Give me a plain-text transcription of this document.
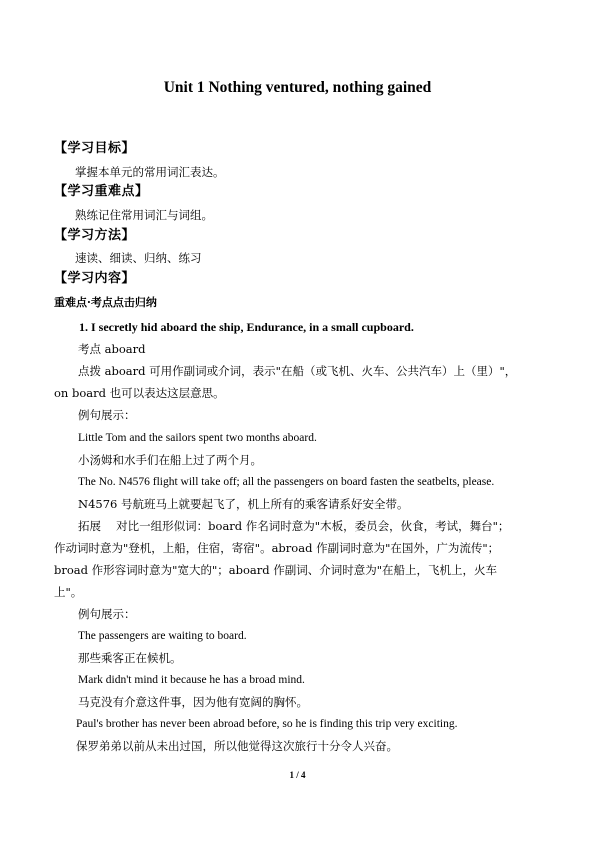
Unit 1 Nothing ventured, nothing gained
【学习目标】
掌握本单元的常用词汇表达。
【学习重难点】
熟练记住常用词汇与词组。
【学习方法】
速读、细读、归纳、练习
【学习内容】
重难点·考点点击归纳
1. I secretly hid aboard the ship, Endurance, in a small cupboard.
考点 aboard
点拨 aboard 可用作副词或介词，表示"在船（或飞机、火车、公共汽车）上（里）"，
on board 也可以表达这层意思。
例句展示：
Little Tom and the sailors spent two months aboard.
小汤姆和水手们在船上过了两个月。
The No. N4576 flight will take off; all the passengers on board fasten the seatbelts, please.
N4576 号航班马上就要起飞了，机上所有的乘客请系好安全带。
拓展　 对比一组形似词：board 作名词时意为"木板，委员会，伙食，考试，舞台"；
作动词时意为"登机，上船，住宿，寄宿"。abroad 作副词时意为"在国外，广为流传"；
broad 作形容词时意为"宽大的"；aboard 作副词、介词时意为"在船上，飞机上，火车
上"。
例句展示：
The passengers are waiting to board.
那些乘客正在候机。
Mark didn't mind it because he has a broad mind.
马克没有介意这件事，因为他有宽阔的胸怀。
Paul's brother has never been abroad before, so he is finding this trip very exciting.
保罗弟弟以前从未出过国，所以他觉得这次旅行十分令人兴奋。
1 / 4
